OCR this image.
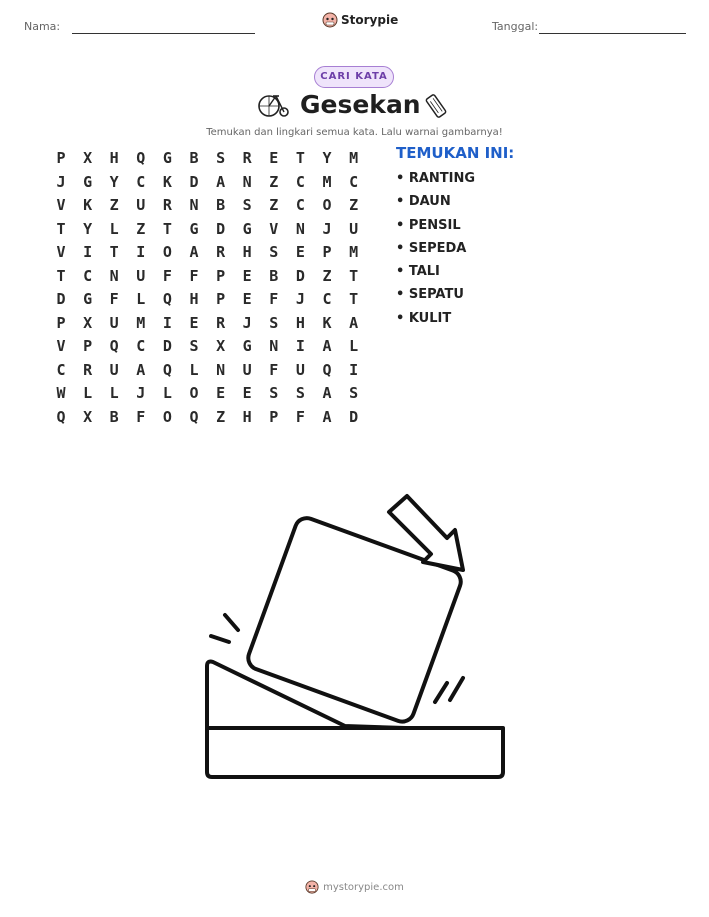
Nama:	Storypie	Tanggal:
CARI KATA
Gesekan
Temukan dan lingkari semua kata. Lalu warnai gambarnya!
P	X	H	Q	G	B	S	R	E	T	Y	M
J	G	Y	C	K	D	A	N	Z	C	M	C
V	K	Z	U	R	N	B	S	Z	C	O	Z
T	Y	L	Z	T	G	D	G	V	N	J	U
V	I	T	I	O	A	R	H	S	E	P	M
T	C	N	U	F	F	P	E	B	D	Z	T
D	G	F	L	Q	H	P	E	F	J	C	T
P	X	U	M	I	E	R	J	S	H	K	A
V	P	Q	C	D	S	X	G	N	I	A	L
C	R	U	A	Q	L	N	U	F	U	Q	I
W	L	L	J	L	O	E	E	S	S	A	S
Q	X	B	F	O	Q	Z	H	P	F	A	D
TEMUKAN INI:
• RANTING
• DAUN
• PENSIL
• SEPEDA
• TALI
• SEPATU
• KULIT
mystorypie.com
